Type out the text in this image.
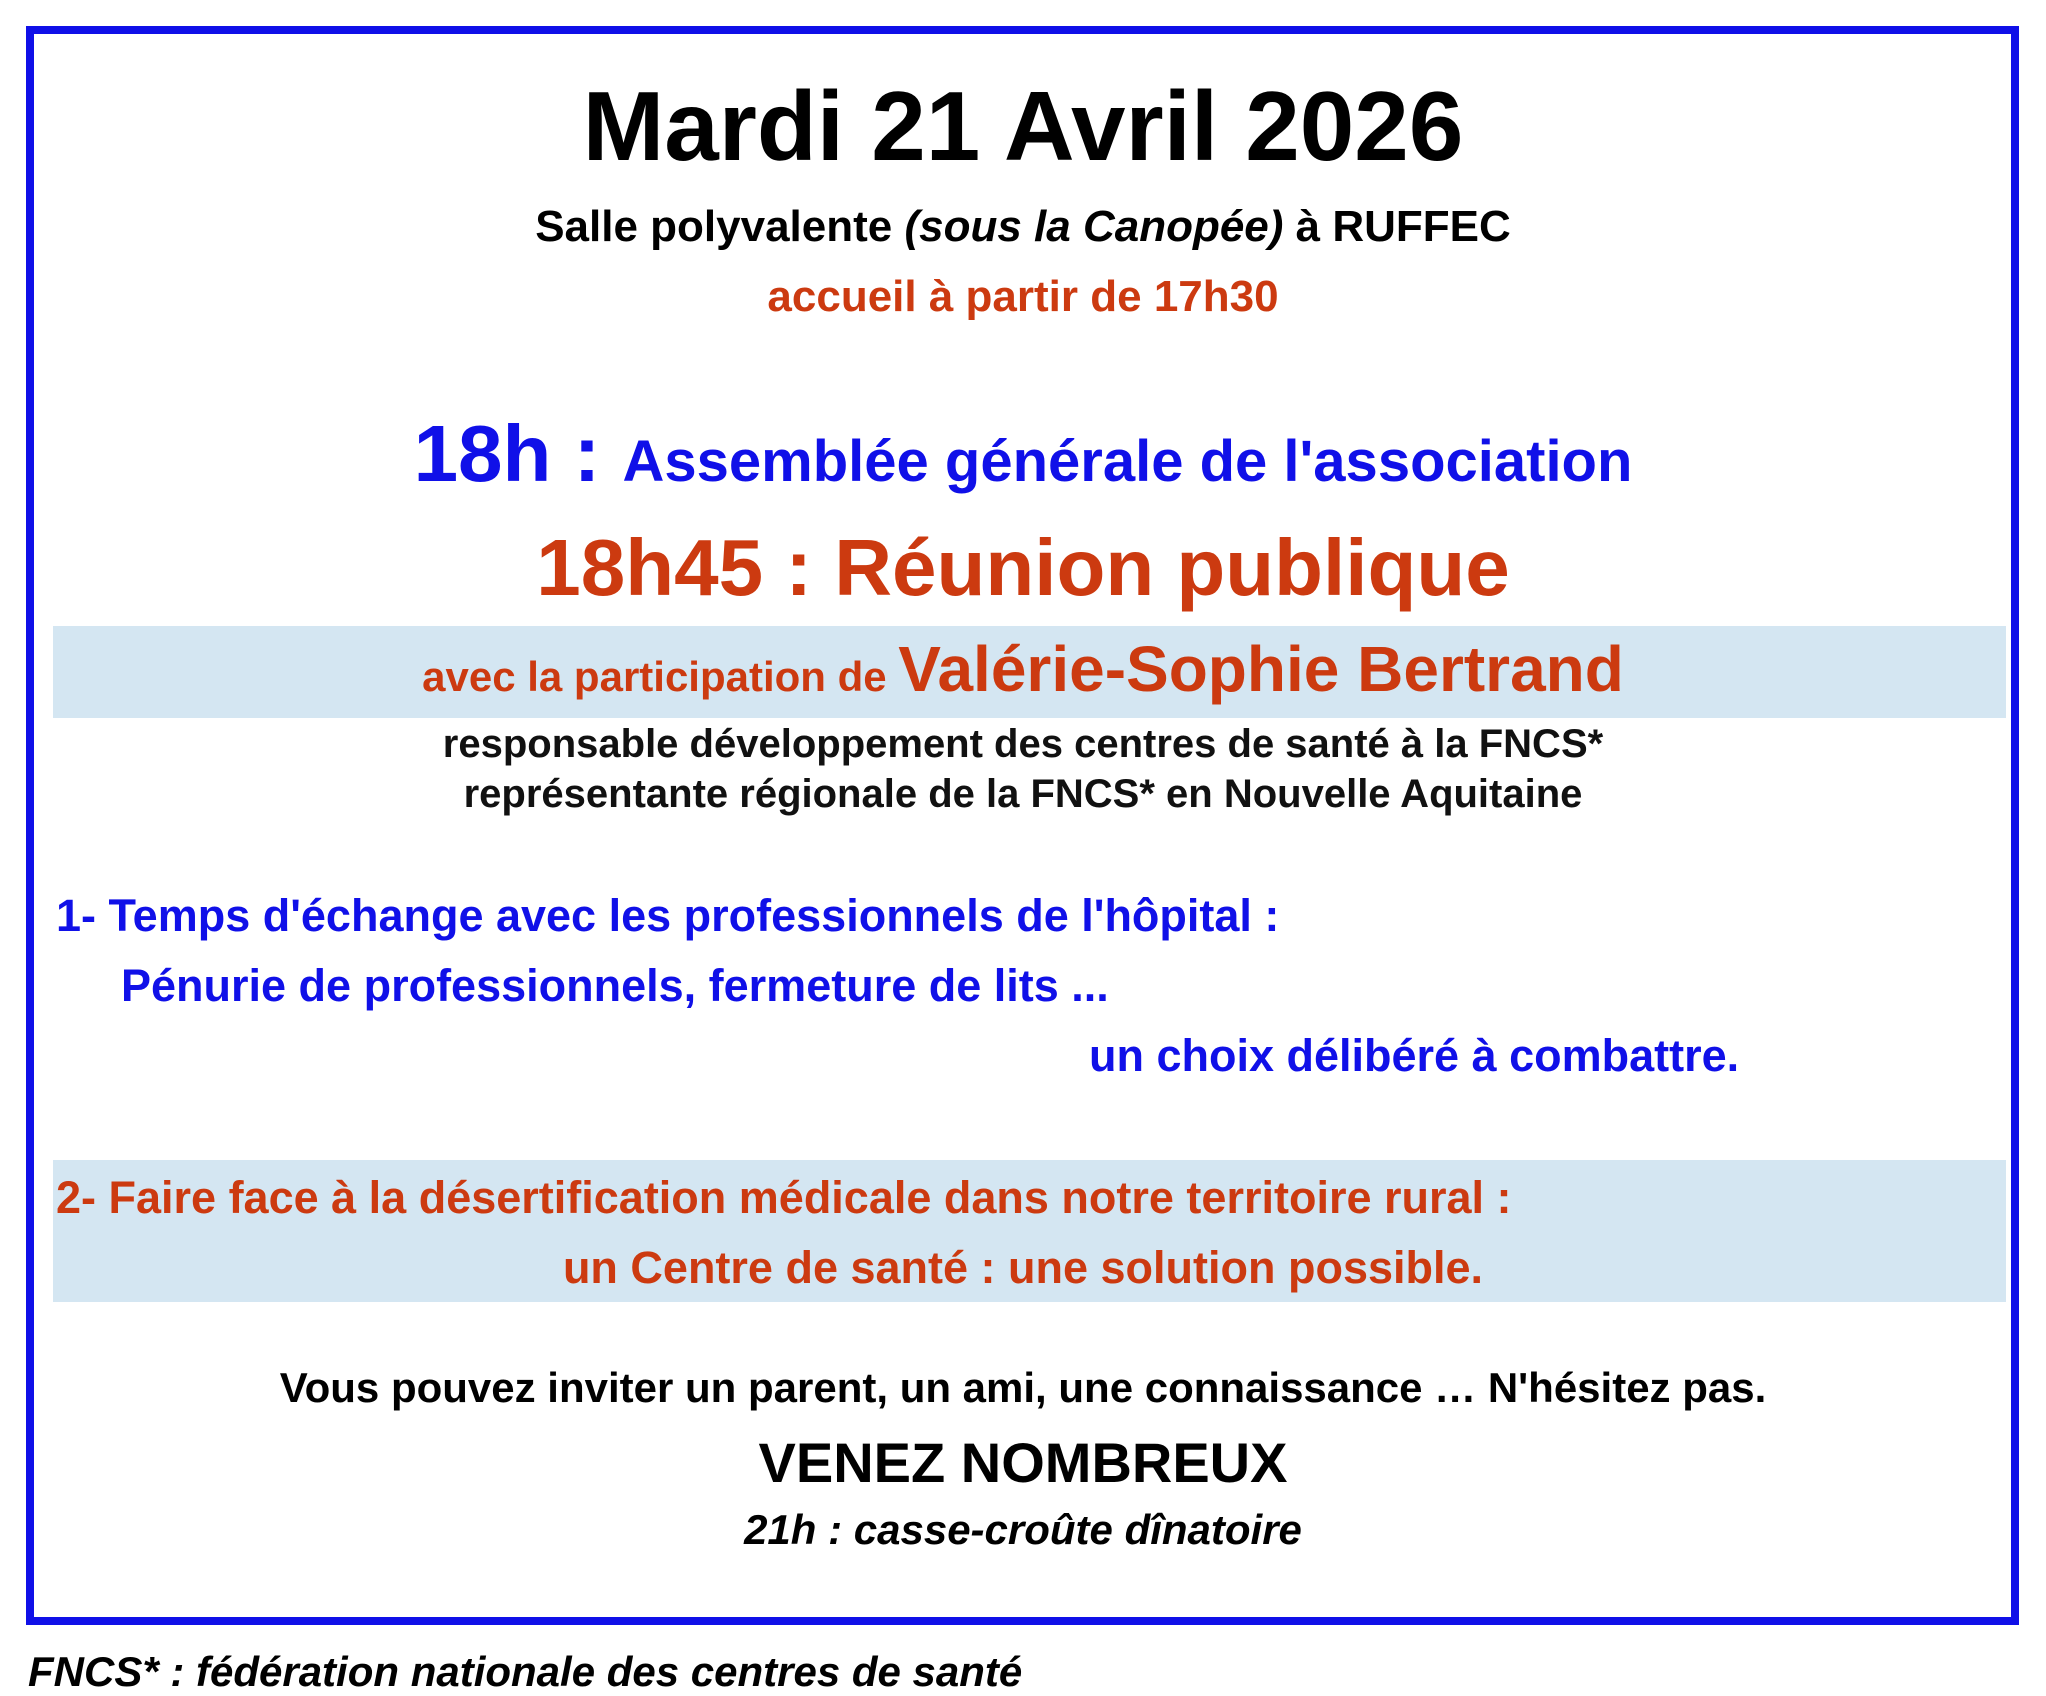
Mardi 21 Avril 2026
Salle polyvalente (sous la Canopée) à RUFFEC
accueil à partir de 17h30
18h : Assemblée générale de l'association
18h45 : Réunion publique
avec la participation de Valérie-Sophie Bertrand
responsable développement des centres de santé à la FNCS*
représentante régionale de la FNCS* en Nouvelle Aquitaine
1- Temps d'échange avec les professionnels de l'hôpital :
Pénurie de professionnels, fermeture de lits ...
un choix délibéré à combattre.
2- Faire face à la désertification médicale dans notre territoire rural :
un Centre de santé : une solution possible.
Vous pouvez inviter un parent, un ami, une connaissance … N'hésitez pas.
VENEZ NOMBREUX
21h : casse-croûte dînatoire
FNCS* : fédération nationale des centres de santé
